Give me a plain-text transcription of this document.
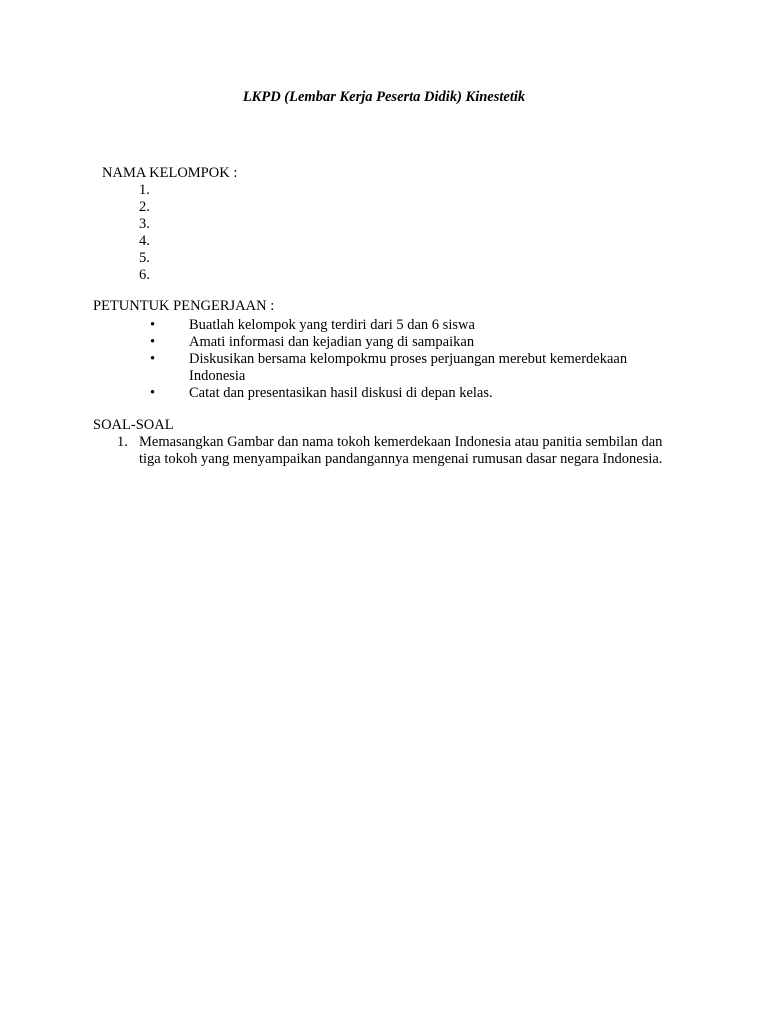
LKPD (Lembar Kerja Peserta Didik) Kinestetik

NAMA KELOMPOK :

1.
2.
3.
4.
5.
6.

PETUNTUK PENGERJAAN :

• Buatlah kelompok yang terdiri dari 5 dan 6 siswa
• Amati informasi dan kejadian yang di sampaikan
• Diskusikan bersama kelompokmu proses perjuangan merebut kemerdekaan Indonesia
• Catat dan presentasikan hasil diskusi di depan kelas.

SOAL-SOAL

1. Memasangkan Gambar dan nama tokoh kemerdekaan Indonesia atau panitia sembilan dan tiga tokoh yang menyampaikan pandangannya mengenai rumusan dasar negara Indonesia.
